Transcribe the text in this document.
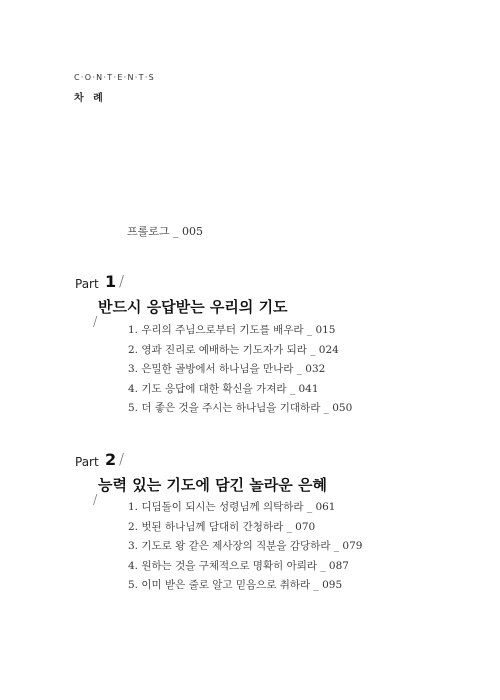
C·O·N·T·E·N·T·S
차 례
프롤로그 _ 005
Part 1 /
반드시 응답받는 우리의 기도
/	1. 우리의 주님으로부터 기도를 배우라 _ 015
2. 영과 진리로 예배하는 기도자가 되라 _ 024
3. 은밀한 골방에서 하나님을 만나라 _ 032
4. 기도 응답에 대한 확신을 가져라 _ 041
5. 더 좋은 것을 주시는 하나님을 기대하라 _ 050
Part 2 /
능력 있는 기도에 담긴 놀라운 은혜
/	1. 디딤돌이 되시는 성령님께 의탁하라 _ 061
2. 벗된 하나님께 담대히 간청하라 _ 070
3. 기도로 왕 같은 제사장의 직분을 감당하라 _ 079
4. 원하는 것을 구체적으로 명확히 아뢰라 _ 087
5. 이미 받은 줄로 알고 믿음으로 취하라 _ 095
